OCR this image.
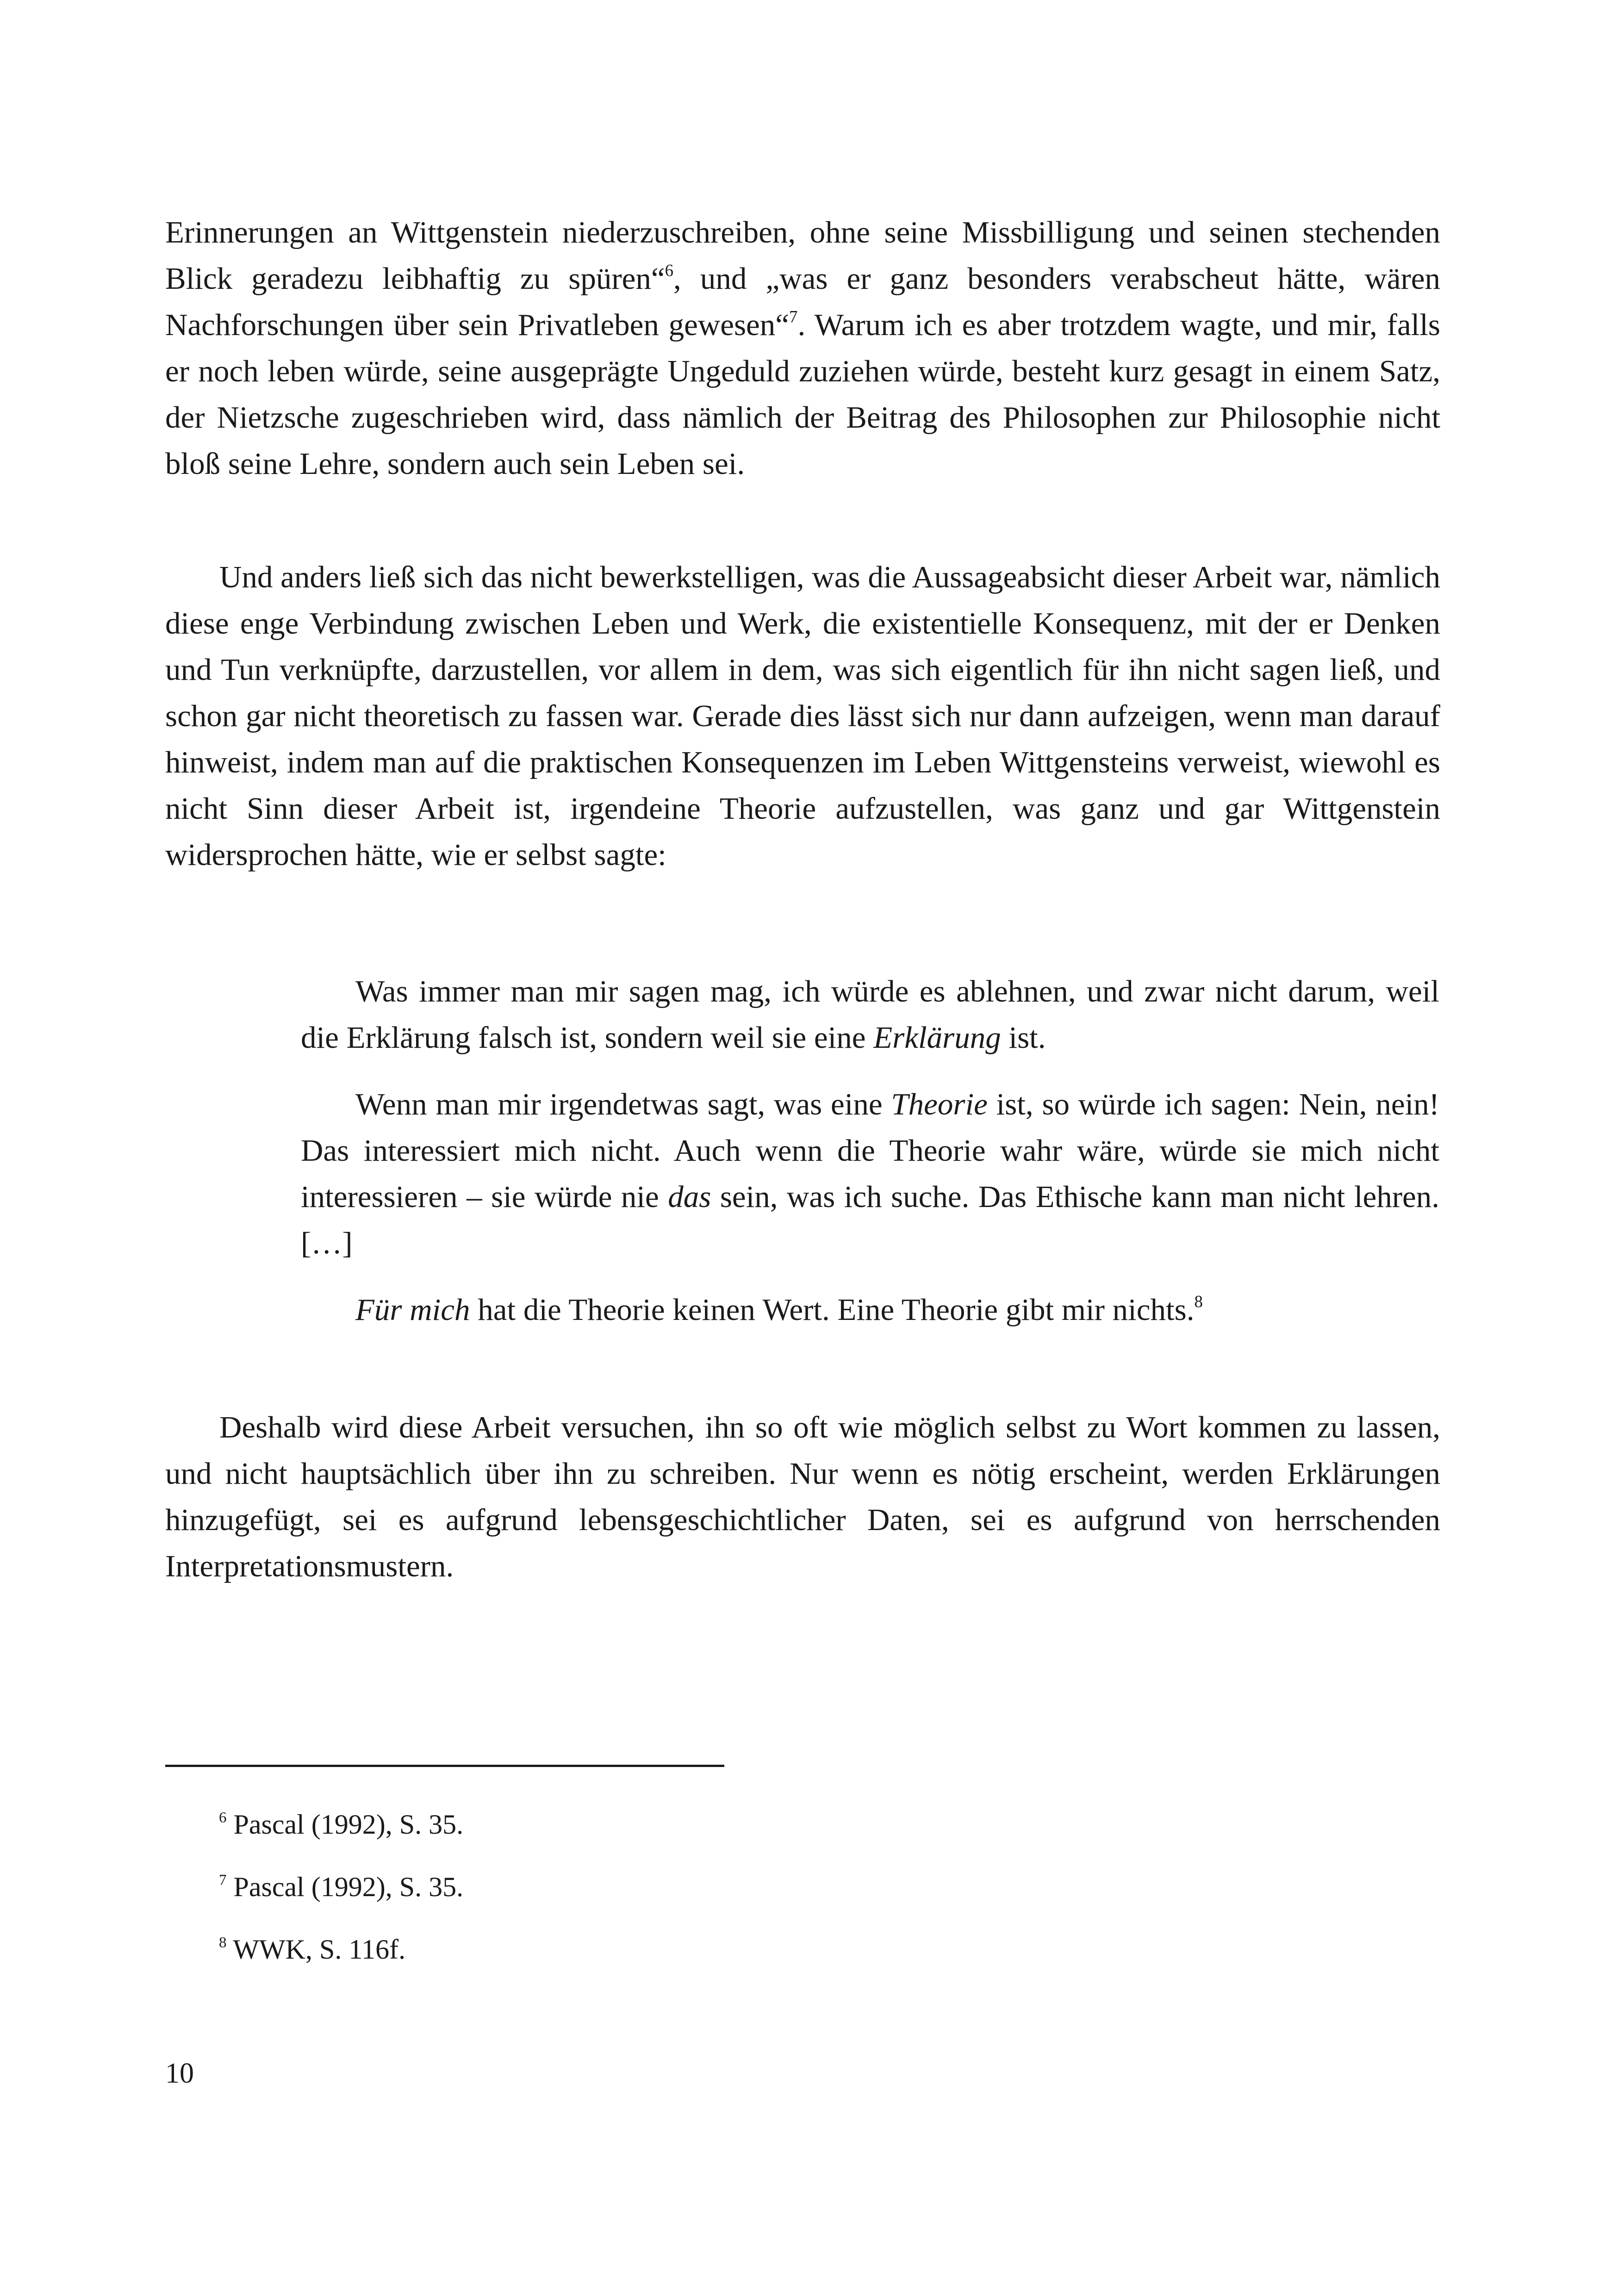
Erinnerungen an Wittgenstein niederzuschreiben, ohne seine Missbilligung und seinen stechenden Blick geradezu leibhaftig zu spüren“$^6$, und „was er ganz besonders verabscheut hätte, wären Nachforschungen über sein Privatleben gewesen“$^7$. Warum ich es aber trotzdem wagte, und mir, falls er noch leben würde, seine ausgeprägte Ungeduld zuziehen würde, besteht kurz gesagt in einem Satz, der Nietzsche zugeschrieben wird, dass nämlich der Beitrag des Philosophen zur Philosophie nicht bloß seine Lehre, sondern auch sein Leben sei.

Und anders ließ sich das nicht bewerkstelligen, was die Aussageabsicht dieser Arbeit war, nämlich diese enge Verbindung zwischen Leben und Werk, die existentielle Konsequenz, mit der er Denken und Tun verknüpfte, darzustellen, vor allem in dem, was sich eigentlich für ihn nicht sagen ließ, und schon gar nicht theoretisch zu fassen war. Gerade dies lässt sich nur dann aufzeigen, wenn man darauf hinweist, indem man auf die praktischen Konsequenzen im Leben Wittgensteins verweist, wiewohl es nicht Sinn dieser Arbeit ist, irgendeine Theorie aufzustellen, was ganz und gar Wittgenstein widersprochen hätte, wie er selbst sagte:

Was immer man mir sagen mag, ich würde es ablehnen, und zwar nicht darum, weil die Erklärung falsch ist, sondern weil sie eine Erklärung ist.

Wenn man mir irgendetwas sagt, was eine Theorie ist, so würde ich sagen: Nein, nein! Das interessiert mich nicht. Auch wenn die Theorie wahr wäre, würde sie mich nicht interessieren – sie würde nie das sein, was ich suche. Das Ethische kann man nicht lehren. […]

Für mich hat die Theorie keinen Wert. Eine Theorie gibt mir nichts.$^8$

Deshalb wird diese Arbeit versuchen, ihn so oft wie möglich selbst zu Wort kommen zu lassen, und nicht hauptsächlich über ihn zu schreiben. Nur wenn es nötig erscheint, werden Erklärungen hinzugefügt, sei es aufgrund lebensgeschichtlicher Daten, sei es aufgrund von herrschenden Interpretationsmustern.

$^6$ Pascal (1992), S. 35.

$^7$ Pascal (1992), S. 35.

$^8$ WWK, S. 116f.

10
